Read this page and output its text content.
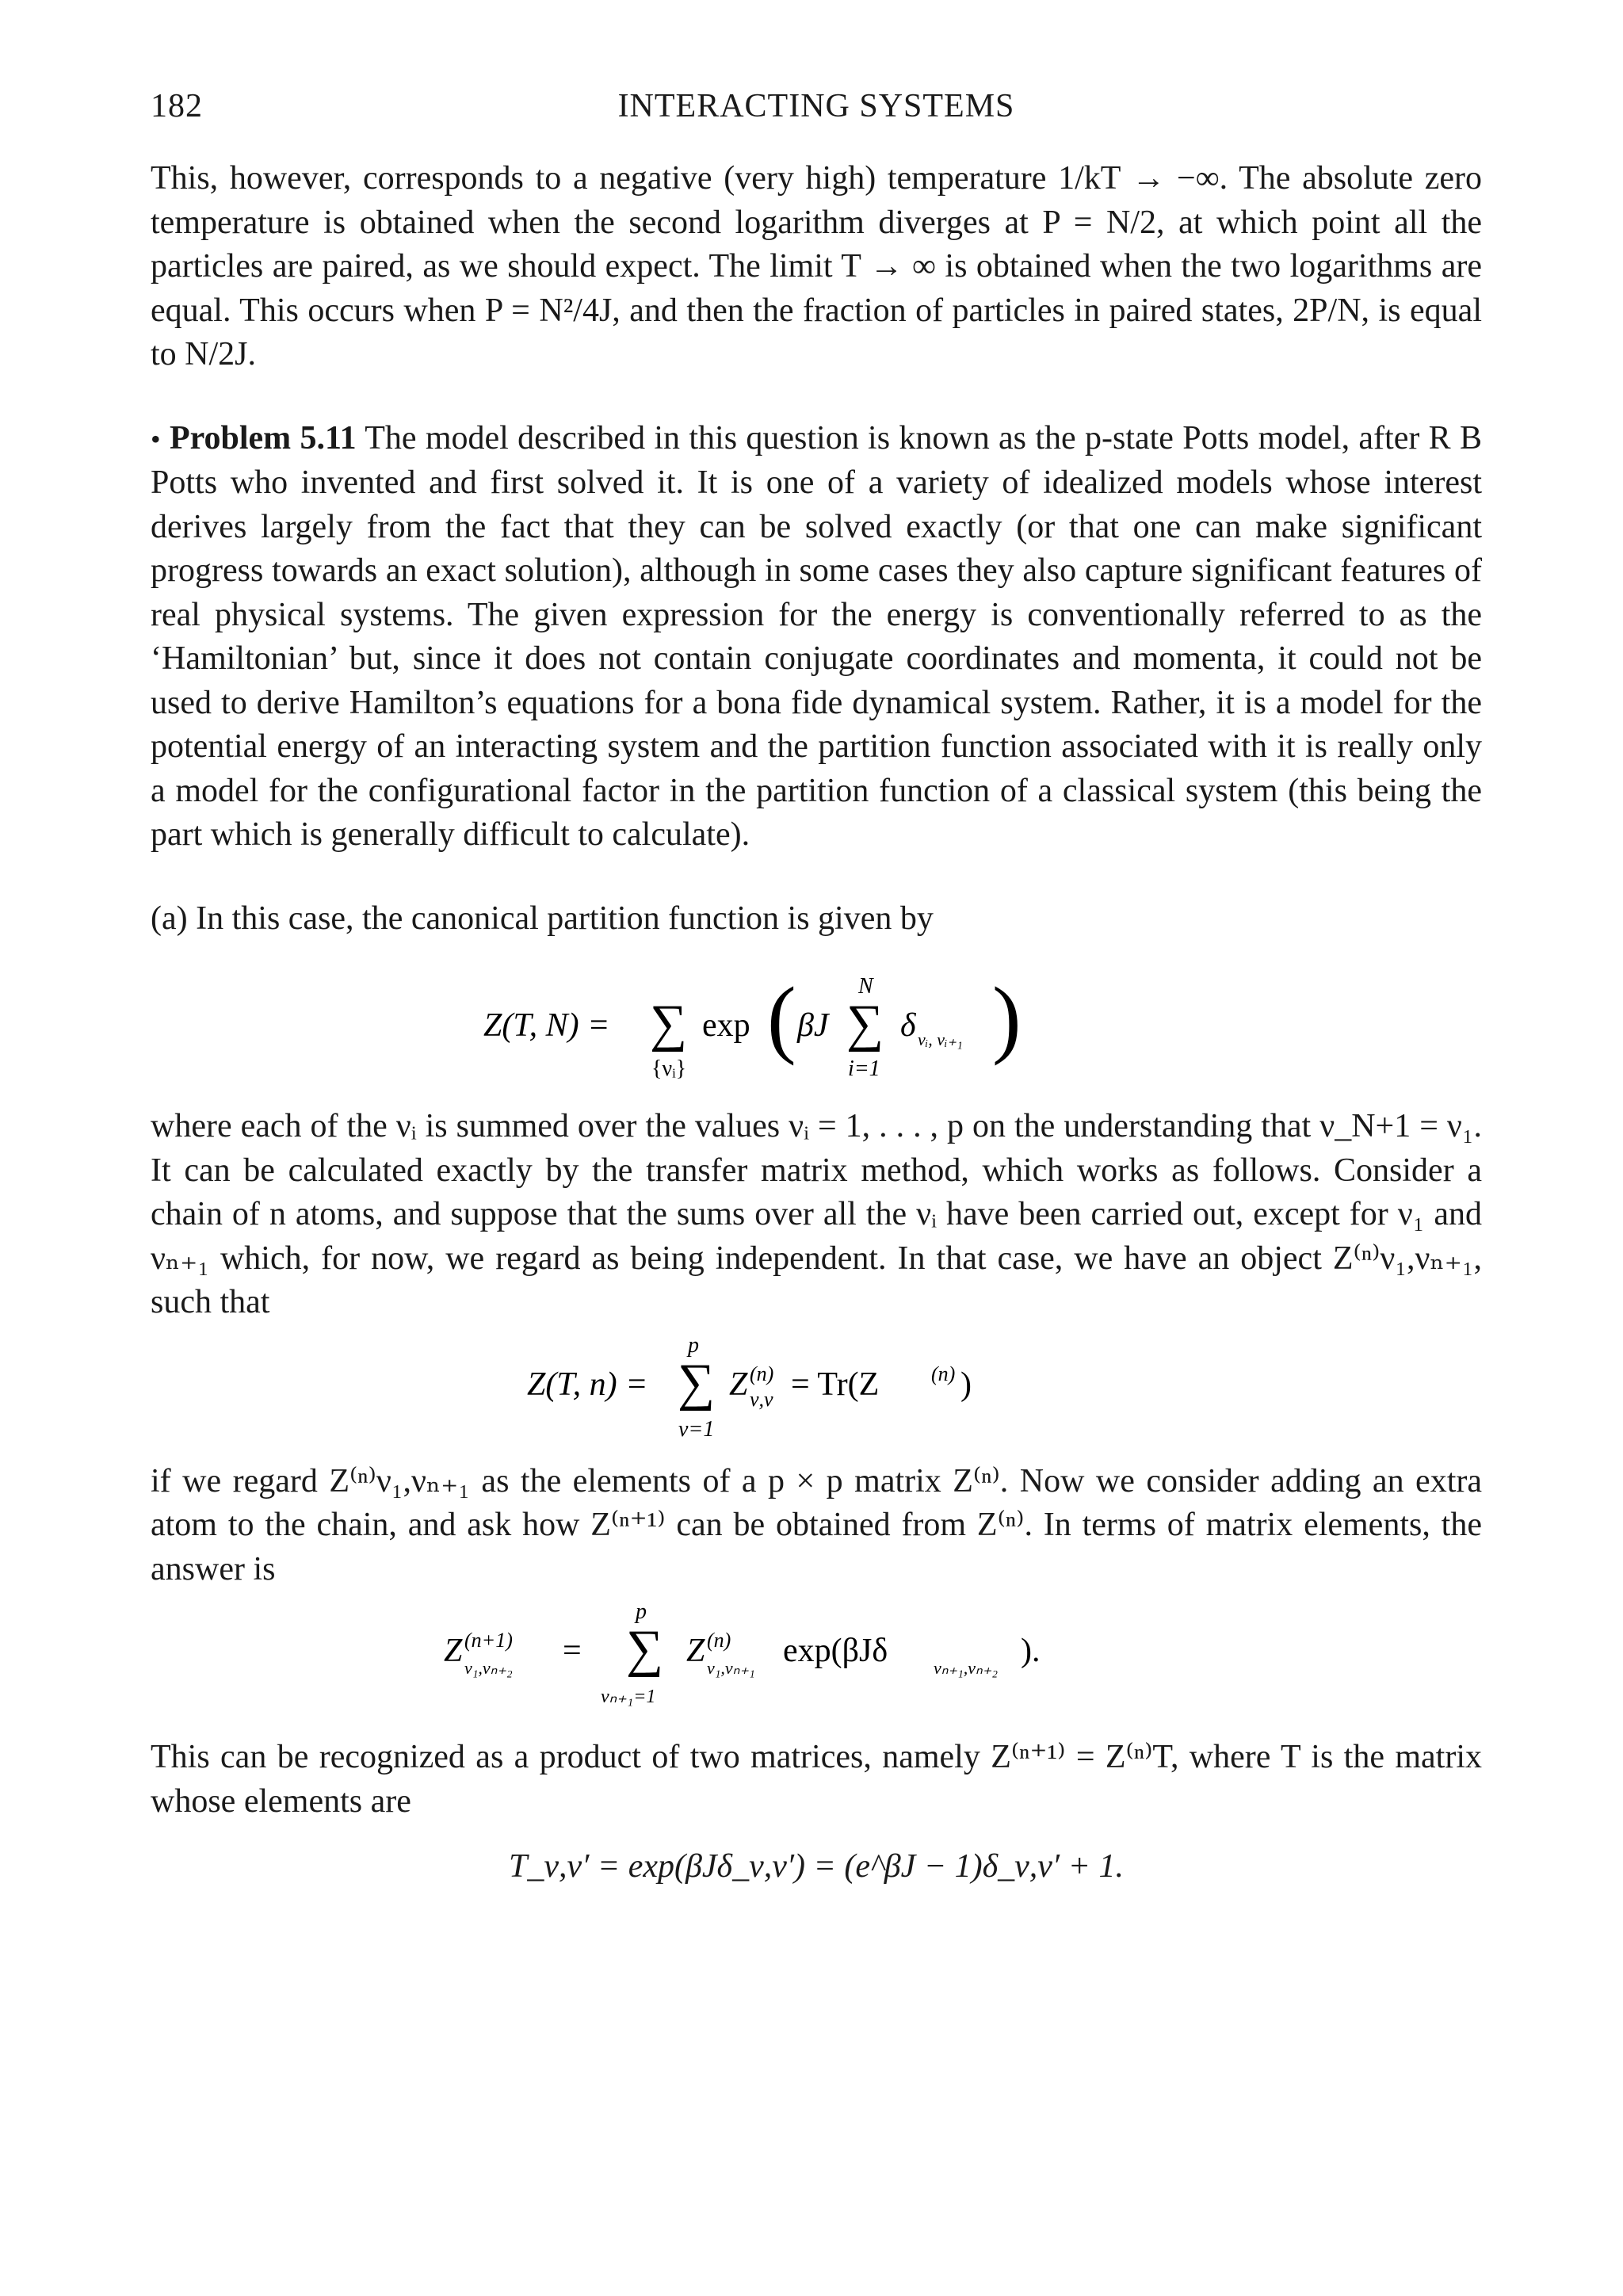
182	INTERACTING SYSTEMS

This, however, corresponds to a negative (very high) temperature 1/kT → −∞. The absolute zero temperature is obtained when the second logarithm diverges at P = N/2, at which point all the particles are paired, as we should expect. The limit T → ∞ is obtained when the two logarithms are equal. This occurs when P = N²/4J, and then the fraction of particles in paired states, 2P/N, is equal to N/2J.

• Problem 5.11 The model described in this question is known as the p-state Potts model, after R B Potts who invented and first solved it. It is one of a variety of idealized models whose interest derives largely from the fact that they can be solved exactly (or that one can make significant progress towards an exact solution), although in some cases they also capture significant features of real physical systems. The given expression for the energy is conventionally referred to as the ‘Hamiltonian’ but, since it does not contain conjugate coordinates and momenta, it could not be used to derive Hamilton’s equations for a bona fide dynamical system. Rather, it is a model for the potential energy of an interacting system and the partition function associated with it is really only a model for the configurational factor in the partition function of a classical system (this being the part which is generally difficult to calculate).

(a) In this case, the canonical partition function is given by

Z(T, N) = ∑
{νᵢ}
exp ( βJ ∑
N
i=1
δ νᵢ, νᵢ₊₁ )

where each of the νᵢ is summed over the values νᵢ = 1, . . . , p on the understanding that ν_N+1 = ν₁. It can be calculated exactly by the transfer matrix method, which works as follows. Consider a chain of n atoms, and suppose that the sums over all the νᵢ have been carried out, except for ν₁ and νₙ₊₁ which, for now, we regard as being independent. In that case, we have an object Z⁽ⁿ⁾ν₁,νₙ₊₁, such that

Z(T, n) = ∑
p
ν=1
Z (n)
ν,ν = Tr(Z	(n) )

if we regard Z⁽ⁿ⁾ν₁,νₙ₊₁ as the elements of a p × p matrix Z⁽ⁿ⁾. Now we consider adding an extra atom to the chain, and ask how Z⁽ⁿ⁺¹⁾ can be obtained from Z⁽ⁿ⁾. In terms of matrix elements, the answer is

Z (n+1)
ν₁,νₙ₊₂ = ∑
p
νₙ₊₁=1
Z (n)
ν₁,νₙ₊₁ exp(βJδ	νₙ₊₁,νₙ₊₂ ).

This can be recognized as a product of two matrices, namely Z⁽ⁿ⁺¹⁾ = Z⁽ⁿ⁾T, where T is the matrix whose elements are

T_ν,ν′ = exp(βJδ_ν,ν′) = (e^βJ − 1)δ_ν,ν′ + 1.
